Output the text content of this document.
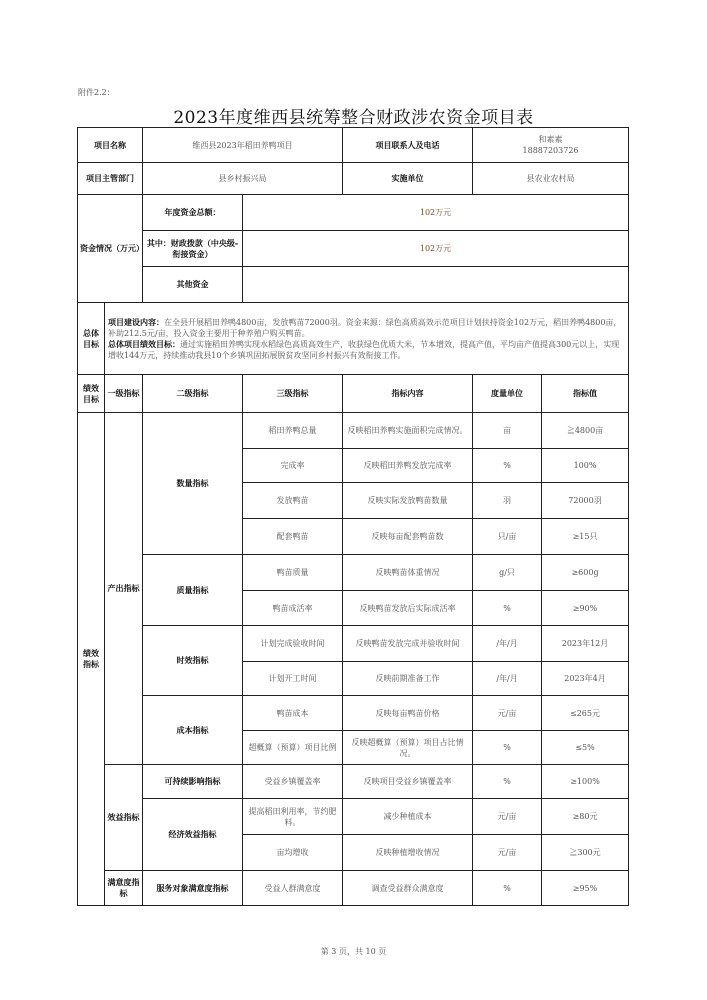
附件2.2：
2023年度维西县统筹整合财政涉农资金项目表
项目名称		维西县2023年稻田养鸭项目		项目联系人及电话	和素素
18887203726	

项目主管部门		县乡村振兴局		实施单位	县农业农村局	
资金情况（万元）		年度资金总额：	102万元			
		其中：财政拨款（中央级-衔接资金）	102万元			
		其他资金				
总体目标	项目建设内容：在全县开展稻田养鸭4800亩，发放鸭苗72000羽。资金来源：绿色高质高效示范项目计划扶持资金102万元，稻田养鸭4800亩，补助212.5元/亩，投入资金主要用于种养殖户购买鸭苗。
总体项目绩效目标：通过实施稻田养鸭实现水稻绿色高质高效生产，收获绿色优质大米，节本增效，提高产值，平均亩产值提高300元以上，实现增收144万元，持续推动我县10个乡镇巩固拓展脱贫攻坚同乡村振兴有效衔接工作。					
绩效目标	一级指标	二级指标	三级指标	指标内容	度量单位	指标值
绩效指标	产出指标	数量指标	稻田养鸭总量	反映稻田养鸭实施面积完成情况。	亩	≧4800亩
			完成率	反映稻田养鸭发放完成率	%	100%
			发放鸭苗	反映实际发放鸭苗数量	羽	72000羽
			配套鸭苗	反映每亩配套鸭苗数	只/亩	≥15只
		质量指标	鸭苗质量	反映鸭苗体重情况	g/只	≥600g
			鸭苗成活率	反映鸭苗发放后实际成活率	%	≥90%
		时效指标	计划完成验收时间	反映鸭苗发放完成并验收时间	/年/月	2023年12月
			计划开工时间	反映前期准备工作	/年/月	2023年4月
		成本指标	鸭苗成本	反映每亩鸭苗价格	元/亩	≤265元
			超概算（预算）项目比例	反映超概算（预算）项目占比情况。	%	≤5%
	效益指标	可持续影响指标	受益乡镇覆盖率	反映项目受益乡镇覆盖率	%	≥100%
		经济效益指标	提高稻田利用率，节约肥料。	减少种植成本	元/亩	≥80元
			亩均增收	反映种植增收情况	元/亩	≧300元
	满意度指标	服务对象满意度指标	受益人群满意度	调查受益群众满意度	%	≥95%
第 3 页，共 10 页
